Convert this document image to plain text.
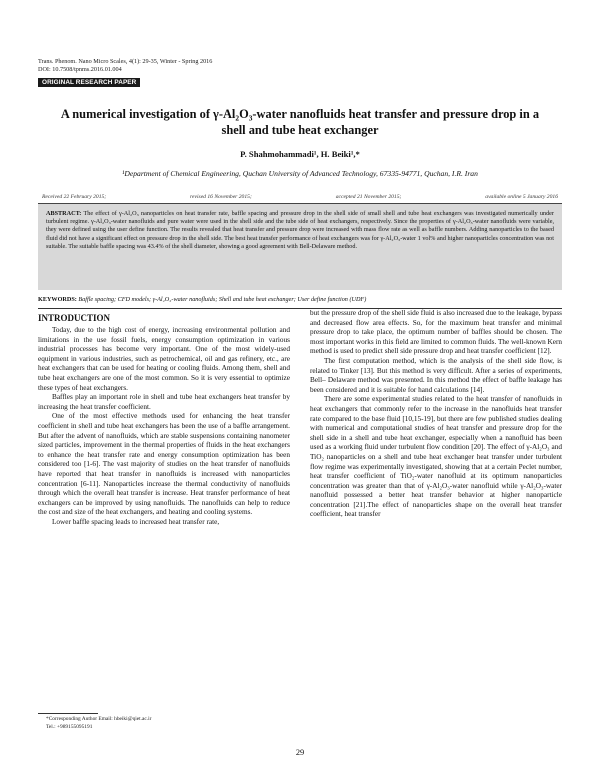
Trans. Phenom. Nano Micro Scales, 4(1): 29-35, Winter - Spring 2016
DOI: 10.7508/tpnms.2016.01.004
ORIGINAL RESEARCH PAPER
A numerical investigation of γ-Al₂O₃-water nanofluids heat transfer and pressure drop in a shell and tube heat exchanger
P. Shahmohammadi¹, H. Beiki¹,*
¹Department of Chemical Engineering, Quchan University of Advanced Technology, 67335-94771, Quchan, I.R. Iran
Received 22 February 2015;	revised 16 November 2015;	accepted 21 November 2015;	available online 5 January 2016
ABSTRACT: The effect of γ-Al₂O₃ nanoparticles on heat transfer rate, baffle spacing and pressure drop in the shell side of small shell and tube heat exchangers was investigated numerically under turbulent regime. γ-Al₂O₃-water nanofluids and pure water were used in the shell side and the tube side of heat exchangers, respectively. Since the properties of γ-Al₂O₃-water nanofluids were variable, they were defined using the user define function. The results revealed that heat transfer and pressure drop were increased with mass flow rate as well as baffle numbers. Adding nanoparticles to the based fluid did not have a significant effect on pressure drop in the shell side. The best heat transfer performance of heat exchangers was for γ-Al₂O₃-water 1 vol% and higher nanoparticles concentration was not suitable. The suitable baffle spacing was 43.4% of the shell diameter, showing a good agreement with Bell-Delaware method.
KEYWORDS: Baffle spacing; CFD models; γ-Al₂O₃-water nanofluids; Shell and tube heat exchanger; User define function (UDF)
INTRODUCTION

Today, due to the high cost of energy, increasing environmental pollution and limitations in the use fossil fuels, energy consumption optimization in various industrial processes has become very important. One of the most widely-used equipment in various industries, such as petrochemical, oil and gas refinery, etc., are heat exchangers that can be used for heating or cooling fluids. Among them, shell and tube heat exchangers are one of the most common. So it is very essential to optimize these types of heat exchangers.

Baffles play an important role in shell and tube heat exchangers heat transfer by increasing the heat transfer coefficient.

One of the most effective methods used for enhancing the heat transfer coefficient in shell and tube heat exchangers has been the use of a baffle arrangement. But after the advent of nanofluids, which are stable suspensions containing nanometer sized particles, improvement in the thermal properties of fluids in the heat exchangers to enhance the heat transfer rate and energy consumption optimization has been considered too [1-6]. The vast majority of studies on the heat transfer of nanofluids have reported that heat transfer in nanofluids is increased with nanoparticles concentration [6-11]. Nanoparticles increase the thermal conductivity of nanofluids through which the overall heat transfer is increase. Heat transfer performance of heat exchangers can be improved by using nanofluids. The nanofluids can help to reduce the cost and size of the heat exchangers, and heating and cooling systems.

Lower baffle spacing leads to increased heat transfer rate,

but the pressure drop of the shell side fluid is also increased due to the leakage, bypass and decreased flow area effects. So, for the maximum heat transfer and minimal pressure drop to take place, the optimum number of baffles should be chosen. The most important works in this field are limited to common fluids. The well-known Kern method is used to predict shell side pressure drop and heat transfer coefficient [12].

The first computation method, which is the analysis of the shell side flow, is related to Tinker [13]. But this method is very difficult. After a series of experiments, Bell– Delaware method was presented. In this method the effect of baffle leakage has been considered and it is suitable for hand calculations [14].

There are some experimental studies related to the heat transfer of nanofluids in heat exchangers that commonly refer to the increase in the nanofluids heat transfer rate compared to the base fluid [10,15-19], but there are few published studies dealing with numerical and computational studies of heat transfer and pressure drop for the shell side in a shell and tube heat exchanger, especially when a nanofluid has been used as a working fluid under turbulent flow condition [20]. The effect of γ-Al₂O₃ and TiO₂ nanoparticles on a shell and tube heat exchanger heat transfer under turbulent flow regime was experimentally investigated, showing that at a certain Peclet number, heat transfer coefficient of TiO₂-water nanofluid at its optimum nanoparticles concentration was greater than that of γ-Al₂O₃-water nanofluid while γ-Al₂O₃-water nanofluid possessed a better heat transfer behavior at higher nanoparticle concentration [21].The effect of nanoparticles shape on the overall heat transfer coefficient, heat transfer

*Corresponding Author Email: hbeiki@qiet.ac.ir
Tel.: +989155095191
29
